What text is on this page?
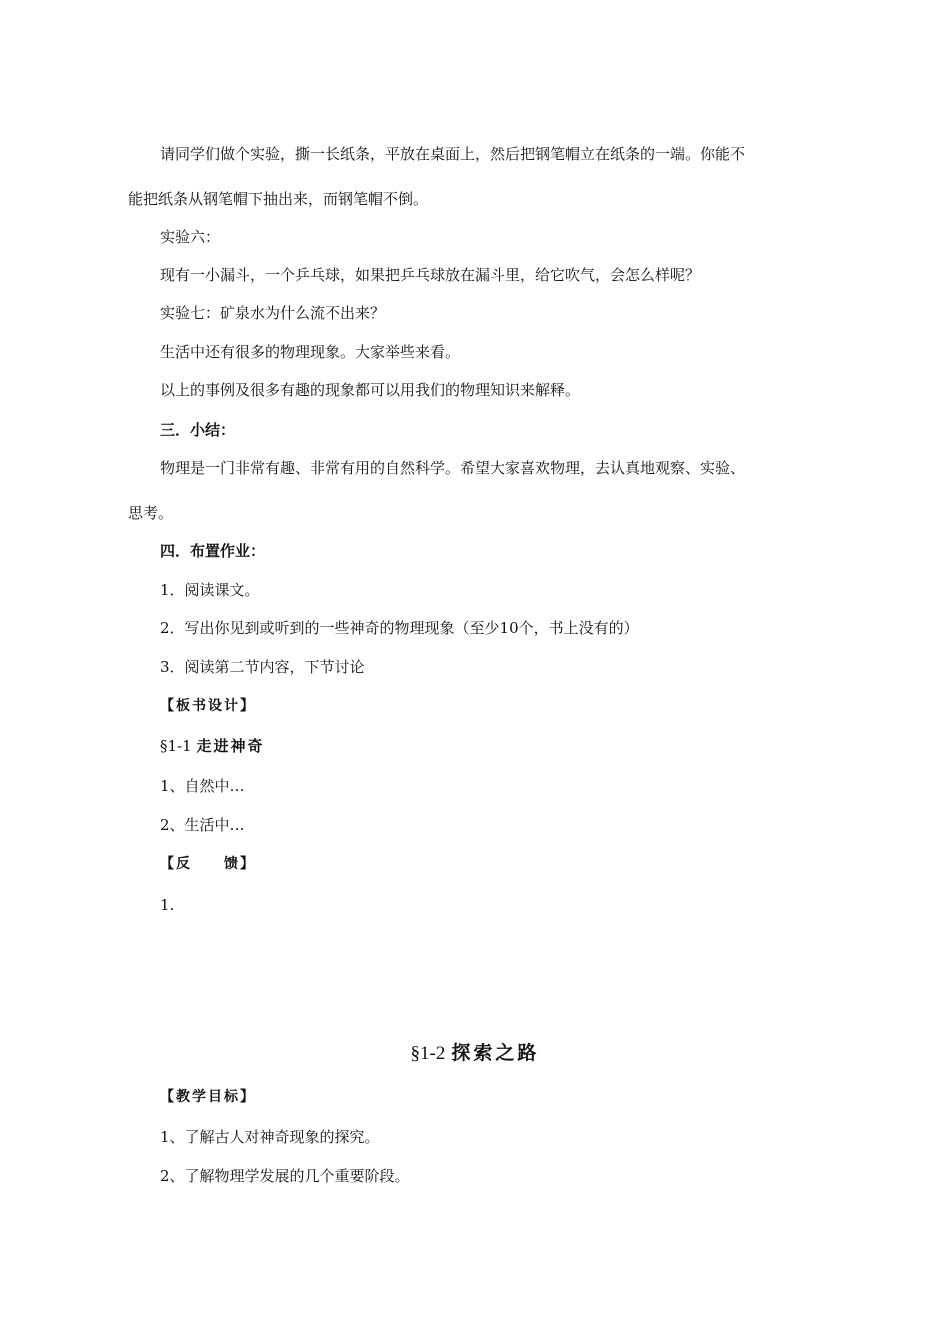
请同学们做个实验，撕一长纸条，平放在桌面上，然后把钢笔帽立在纸条的一端。你能不
能把纸条从钢笔帽下抽出来，而钢笔帽不倒。
实验六：
现有一小漏斗，一个乒乓球，如果把乒乓球放在漏斗里，给它吹气，会怎么样呢？
实验七：矿泉水为什么流不出来？
生活中还有很多的物理现象。大家举些来看。
以上的事例及很多有趣的现象都可以用我们的物理知识来解释。
三．小结：
物理是一门非常有趣、非常有用的自然科学。希望大家喜欢物理，去认真地观察、实验、
思考。
四．布置作业：
1．阅读课文。
2．写出你见到或听到的一些神奇的物理现象（至少10个，书上没有的）
3．阅读第二节内容，下节讨论
【板书设计】
§1-1 走进神奇
1、自然中…
2、生活中…
【反　　馈】
1.
§1-2 探索之路
【教学目标】
1、了解古人对神奇现象的探究。
2、了解物理学发展的几个重要阶段。
